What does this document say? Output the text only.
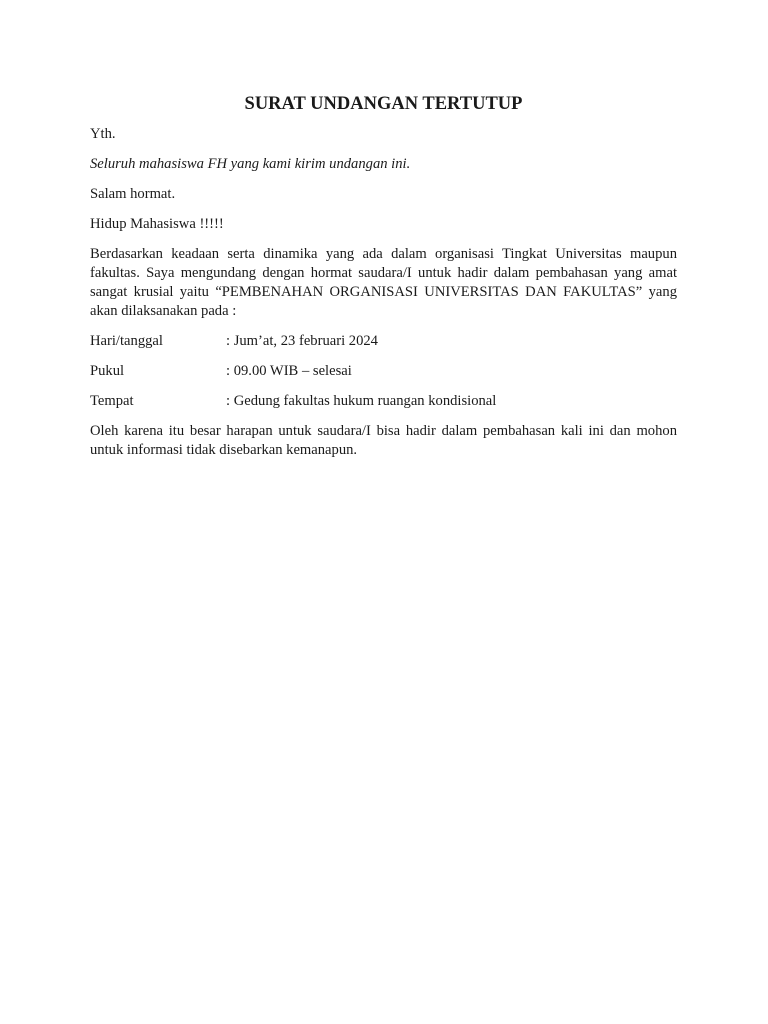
SURAT UNDANGAN TERTUTUP

Yth.

Seluruh mahasiswa FH yang kami kirim undangan ini.

Salam hormat.

Hidup Mahasiswa !!!!!

Berdasarkan keadaan serta dinamika yang ada dalam organisasi Tingkat Universitas maupun fakultas. Saya mengundang dengan hormat saudara/I untuk hadir dalam pembahasan yang amat sangat krusial yaitu “PEMBENAHAN ORGANISASI UNIVERSITAS DAN FAKULTAS” yang akan dilaksanakan pada :

Hari/tanggal	: Jum’at, 23 februari 2024
Pukul	: 09.00 WIB – selesai
Tempat	: Gedung fakultas hukum ruangan kondisional

Oleh karena itu besar harapan untuk saudara/I bisa hadir dalam pembahasan kali ini dan mohon untuk informasi tidak disebarkan kemanapun.
